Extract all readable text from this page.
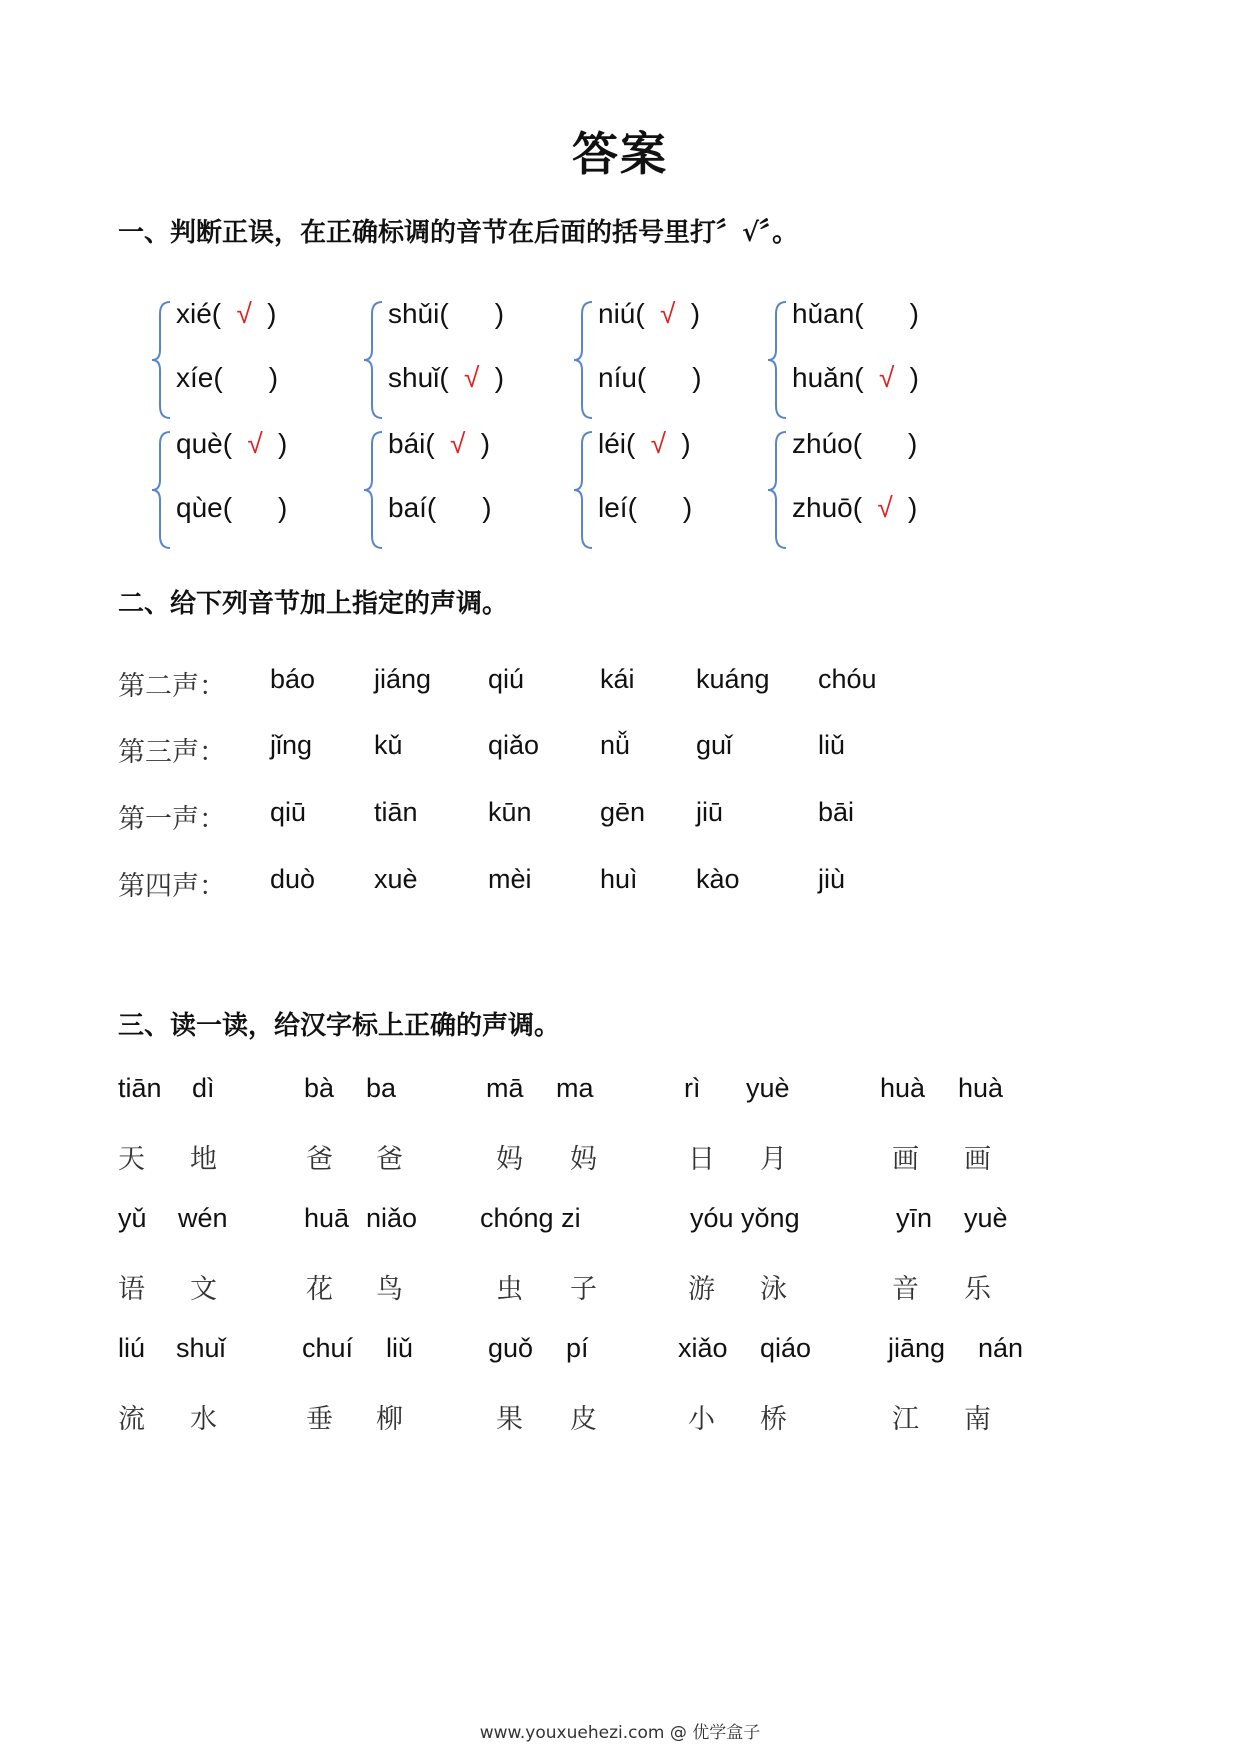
答案
一、判断正误，在正确标调的音节在后面的括号里打〞√〞。
xié( √ )
xíe( )
shǔi( )
shuǐ( √ )
niú( √ )
níu( )
hǔan( )
huǎn( √ )
què( √ )
qùe( )
bái( √ )
baí( )
léi( √ )
leí( )
zhúo( )
zhuō( √ )
二、给下列音节加上指定的声调。
第二声： báo jiáng qiú	kái kuáng chóu
第三声： jǐng kǔ	qiǎo nǚ guǐ	liǔ
第一声： qiū	tiān	kūn	gēn jiū	bāi
第四声： duò xuè	mèi	huì kào	jiù
三、读一读，给汉字标上正确的声调。
tiān dì
天 地
bà ba
爸 爸
mā ma
妈 妈
rì yuè
日 月
huà huà
画 画
yǔ wén
语 文
huā niǎo
花 鸟
chóng zi
虫 子
yóu yǒng
游 泳
yīn yuè
音 乐
liú shuǐ
流 水
chuí liǔ
垂 柳
guǒ pí
果 皮
xiǎo qiáo
小 桥
jiāng nán
江 南
www.youxuehezi.com @ 优学盒子
